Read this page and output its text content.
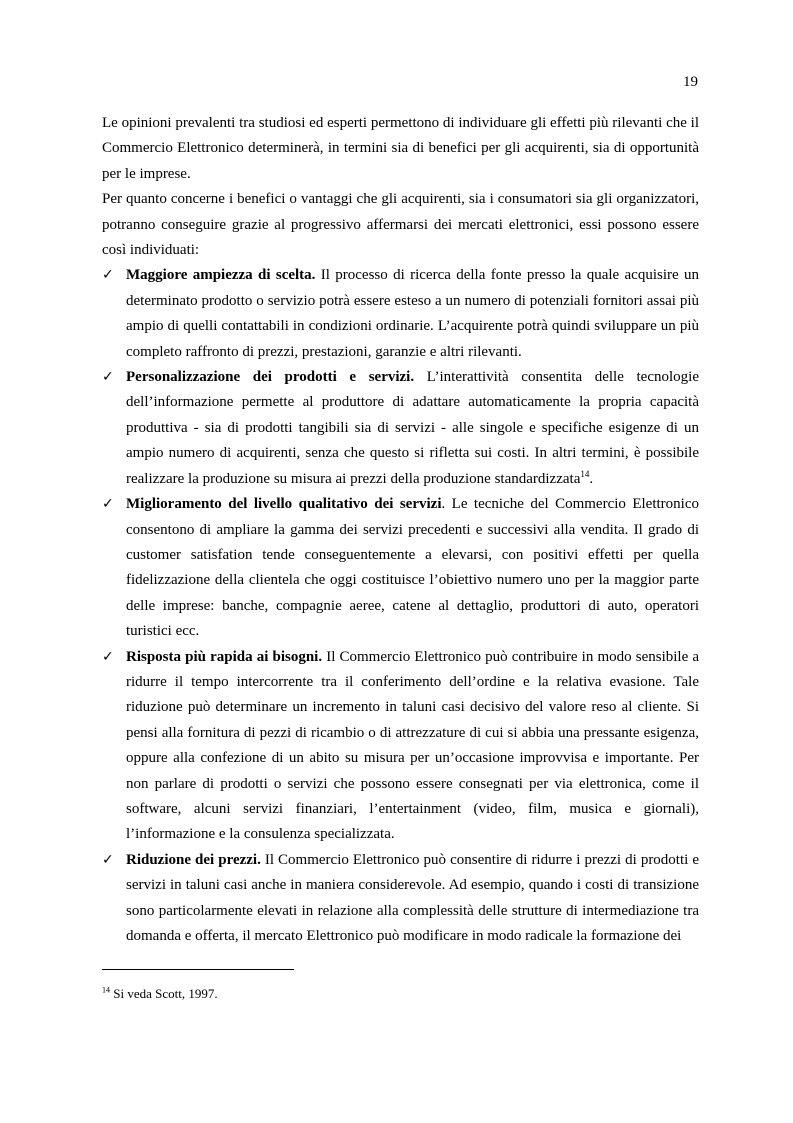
19

Le opinioni prevalenti tra studiosi ed esperti permettono di individuare gli effetti più rilevanti che il Commercio Elettronico determinerà, in termini sia di benefici per gli acquirenti, sia di opportunità per le imprese.

Per quanto concerne i benefici o vantaggi che gli acquirenti, sia i consumatori sia gli organizzatori, potranno conseguire grazie al progressivo affermarsi dei mercati elettronici, essi possono essere così individuati:

✓ Maggiore ampiezza di scelta. Il processo di ricerca della fonte presso la quale acquisire un determinato prodotto o servizio potrà essere esteso a un numero di potenziali fornitori assai più ampio di quelli contattabili in condizioni ordinarie. L’acquirente potrà quindi sviluppare un più completo raffronto di prezzi, prestazioni, garanzie e altri rilevanti.
✓ Personalizzazione dei prodotti e servizi. L’interattività consentita delle tecnologie dell’informazione permette al produttore di adattare automaticamente la propria capacità produttiva - sia di prodotti tangibili sia di servizi - alle singole e specifiche esigenze di un ampio numero di acquirenti, senza che questo si rifletta sui costi. In altri termini, è possibile realizzare la produzione su misura ai prezzi della produzione standardizzata$^{14}$.
✓ Miglioramento del livello qualitativo dei servizi. Le tecniche del Commercio Elettronico consentono di ampliare la gamma dei servizi precedenti e successivi alla vendita. Il grado di customer satisfation tende conseguentemente a elevarsi, con positivi effetti per quella fidelizzazione della clientela che oggi costituisce l’obiettivo numero uno per la maggior parte delle imprese: banche, compagnie aeree, catene al dettaglio, produttori di auto, operatori turistici ecc.
✓ Risposta più rapida ai bisogni. Il Commercio Elettronico può contribuire in modo sensibile a ridurre il tempo intercorrente tra il conferimento dell’ordine e la relativa evasione. Tale riduzione può determinare un incremento in taluni casi decisivo del valore reso al cliente. Si pensi alla fornitura di pezzi di ricambio o di attrezzature di cui si abbia una pressante esigenza, oppure alla confezione di un abito su misura per un’occasione improvvisa e importante. Per non parlare di prodotti o servizi che possono essere consegnati per via elettronica, come il software, alcuni servizi finanziari, l’entertainment (video, film, musica e giornali), l’informazione e la consulenza specializzata.
✓ Riduzione dei prezzi. Il Commercio Elettronico può consentire di ridurre i prezzi di prodotti e servizi in taluni casi anche in maniera considerevole. Ad esempio, quando i costi di transizione sono particolarmente elevati in relazione alla complessità delle strutture di intermediazione tra domanda e offerta, il mercato Elettronico può modificare in modo radicale la formazione dei
$^{14}$ Si veda Scott, 1997.
